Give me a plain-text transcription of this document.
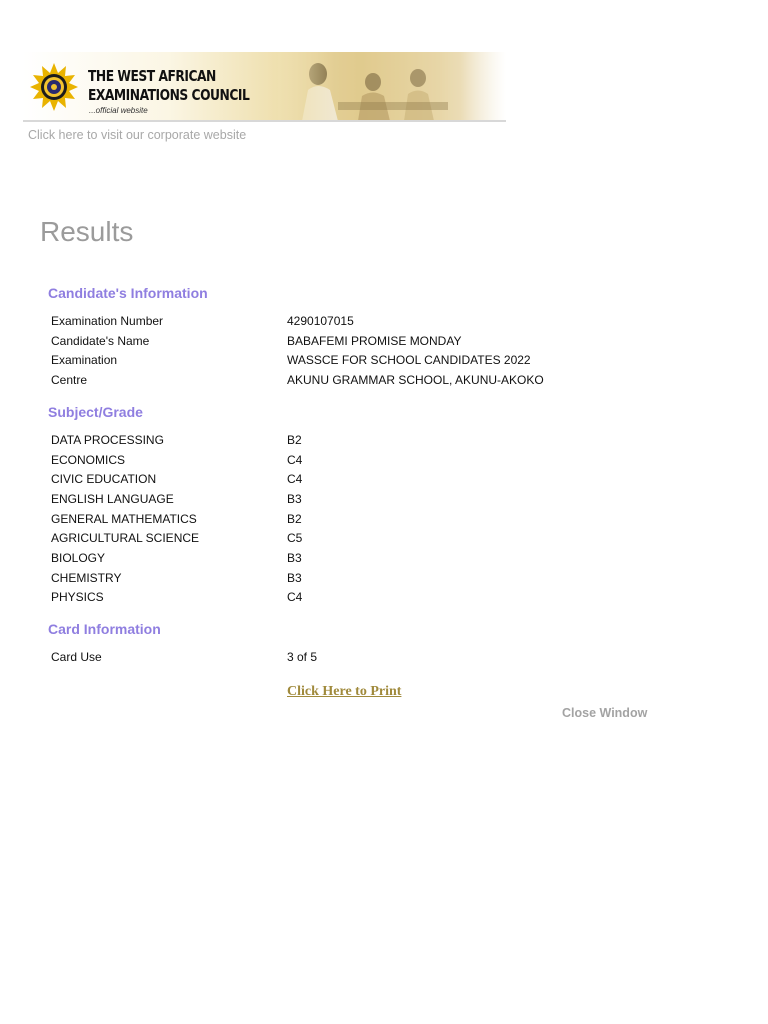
THE WEST AFRICAN
EXAMINATIONS COUNCIL
...official website
Click here to visit our corporate website
Results
Candidate's Information
Examination Number	4290107015
Candidate's Name	BABAFEMI PROMISE MONDAY
Examination	WASSCE FOR SCHOOL CANDIDATES 2022
Centre	AKUNU GRAMMAR SCHOOL, AKUNU-AKOKO
Subject/Grade
DATA PROCESSING	B2
ECONOMICS	C4
CIVIC EDUCATION	C4
ENGLISH LANGUAGE	B3
GENERAL MATHEMATICS	B2
AGRICULTURAL SCIENCE	C5
BIOLOGY	B3
CHEMISTRY	B3
PHYSICS	C4
Card Information
Card Use	3 of 5
Click Here to Print
Close Window
